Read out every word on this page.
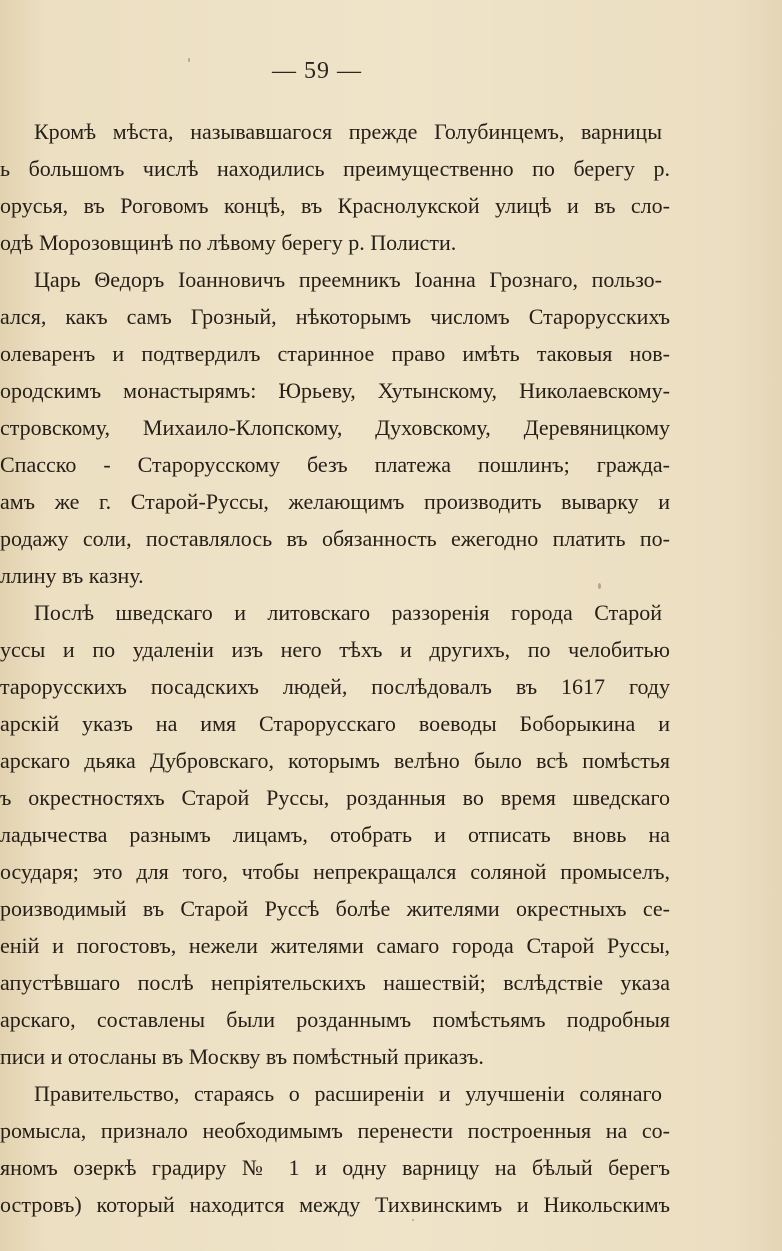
— 59 —
Кромѣ мѣста, называвшагося прежде Голубинцемъ, варницы
ь большомъ числѣ находились преимущественно по берегу р.
орусья, въ Роговомъ концѣ, въ Краснолукской улицѣ и въ сло-
одѣ Морозовщинѣ по лѣвому берегу р. Полисти.
Царь Θедоръ Іоанновичъ преемникъ Іоанна Грознаго, пользо-
ался, какъ самъ Грозный, нѣкоторымъ числомъ Старорусскихъ
олеваренъ и подтвердилъ старинное право имѣть таковыя нов-
ородскимъ монастырямъ: Юрьеву, Хутынскому, Николаевскому-
стровскому, Михаило-Клопскому, Духовскому, Деревяницкому
Спасско - Старорусскому безъ платежа пошлинъ; гражда-
амъ же г. Старой-Руссы, желающимъ производить выварку и
родажу соли, поставлялось въ обязанность ежегодно платить по-
ллину въ казну.
Послѣ шведскаго и литовскаго раззоренія города Старой
уссы и по удаленіи изъ него тѣхъ и другихъ, по челобитью
тарорусскихъ посадскихъ людей, послѣдовалъ въ 1617 году
арскій указъ на имя Старорусскаго воеводы Боборыкина и
арскаго дьяка Дубровскаго, которымъ велѣно было всѣ помѣстья
ъ окрестностяхъ Старой Руссы, розданныя во время шведскаго
ладычества разнымъ лицамъ, отобрать и отписать вновь на
осударя; это для того, чтобы непрекращался соляной промыселъ,
роизводимый въ Старой Руссѣ болѣе жителями окрестныхъ се-
еній и погостовъ, нежели жителями самаго города Старой Руссы,
апустѣвшаго послѣ непріятельскихъ нашествій; вслѣдствіе указа
арскаго, составлены были розданнымъ помѣстьямъ подробныя
писи и отосланы въ Москву въ помѣстный приказъ.
Правительство, стараясь о расширеніи и улучшеніи солянаго
ромысла, признало необходимымъ перенести построенныя на со-
яномъ озеркѣ градиру № 1 и одну варницу на бѣлый берегъ
островъ) который находится между Тихвинскимъ и Никольскимъ
